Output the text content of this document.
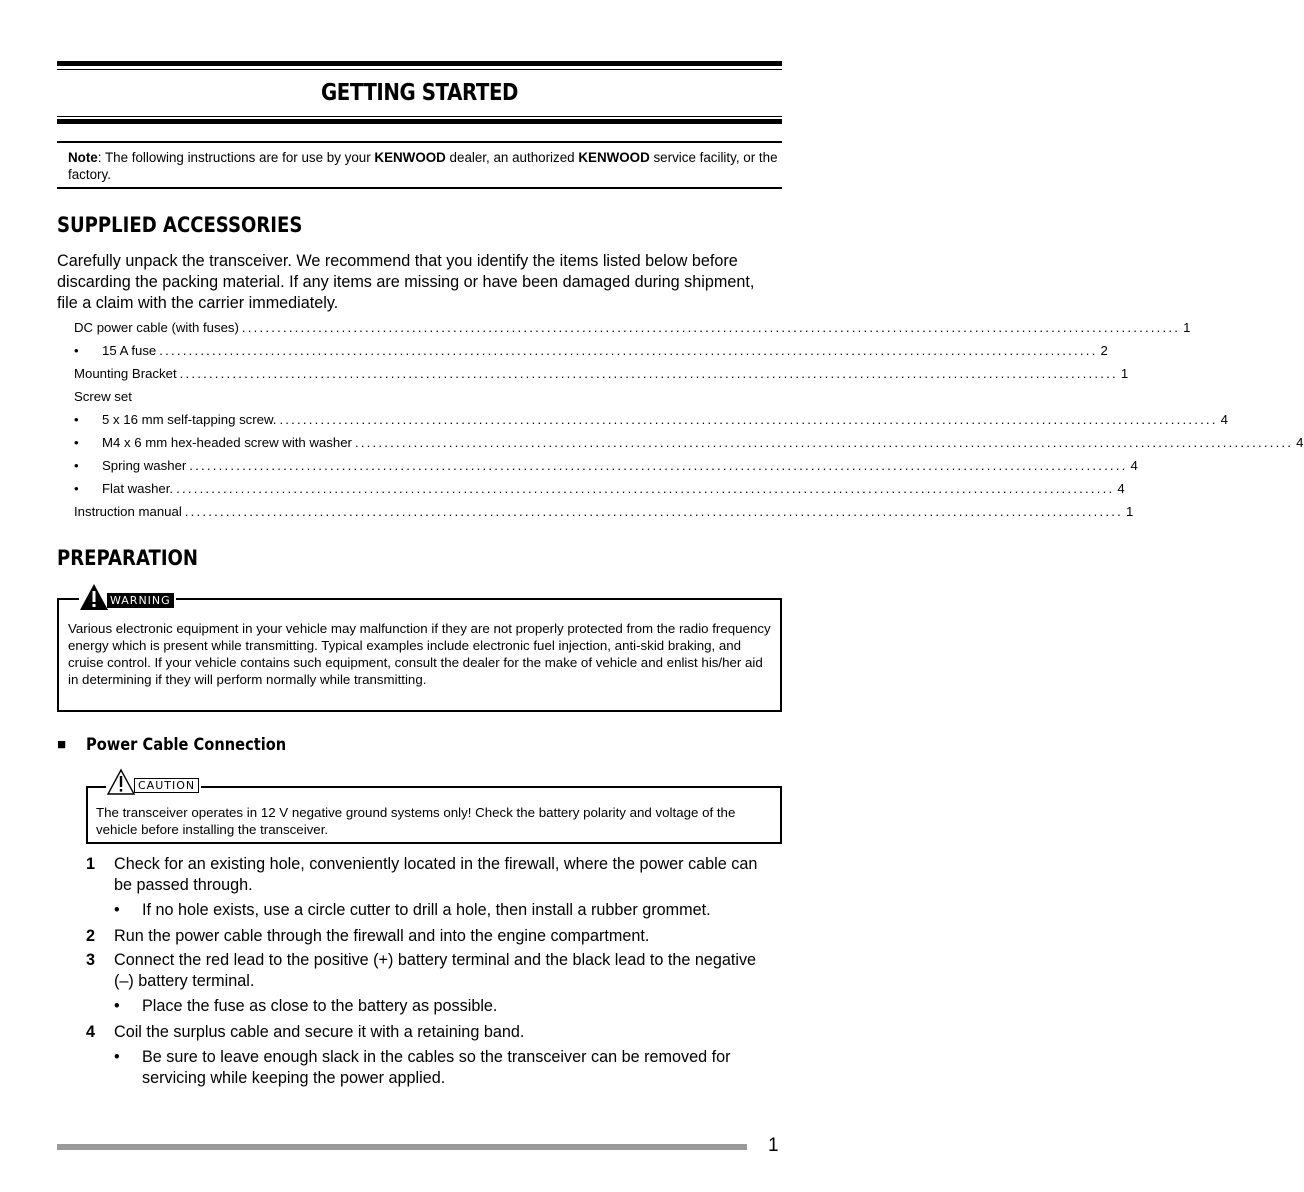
GETTING STARTED
Note: The following instructions are for use by your KENWOOD dealer, an authorized KENWOOD service facility, or the factory.
SUPPLIED ACCESSORIES
Carefully unpack the transceiver. We recommend that you identify the items listed below before discarding the packing material. If any items are missing or have been damaged during shipment, file a claim with the carrier immediately.
DC power cable (with fuses) ................................................................................................................................................................ 1
• 15 A fuse ................................................................................................................................................................ 2
Mounting Bracket ................................................................................................................................................................ 1
Screw set
• 5 x 16 mm self-tapping screw. ................................................................................................................................................................ 4
• M4 x 6 mm hex-headed screw with washer ................................................................................................................................................................ 4
• Spring washer ................................................................................................................................................................ 4
• Flat washer. ................................................................................................................................................................ 4
Instruction manual ................................................................................................................................................................ 1
PREPARATION
WARNING
Various electronic equipment in your vehicle may malfunction if they are not properly protected from the radio frequency energy which is present while transmitting. Typical examples include electronic fuel injection, anti-skid braking, and cruise control. If your vehicle contains such equipment, consult the dealer for the make of vehicle and enlist his/her aid in determining if they will perform normally while transmitting.
■ Power Cable Connection
CAUTION
The transceiver operates in 12 V negative ground systems only! Check the battery polarity and voltage of the vehicle before installing the transceiver.
1 Check for an existing hole, conveniently located in the firewall, where the power cable can be passed through.
• If no hole exists, use a circle cutter to drill a hole, then install a rubber grommet.
2 Run the power cable through the firewall and into the engine compartment.
3 Connect the red lead to the positive (+) battery terminal and the black lead to the negative (–) battery terminal.
• Place the fuse as close to the battery as possible.
4 Coil the surplus cable and secure it with a retaining band.
• Be sure to leave enough slack in the cables so the transceiver can be removed for servicing while keeping the power applied.
1
